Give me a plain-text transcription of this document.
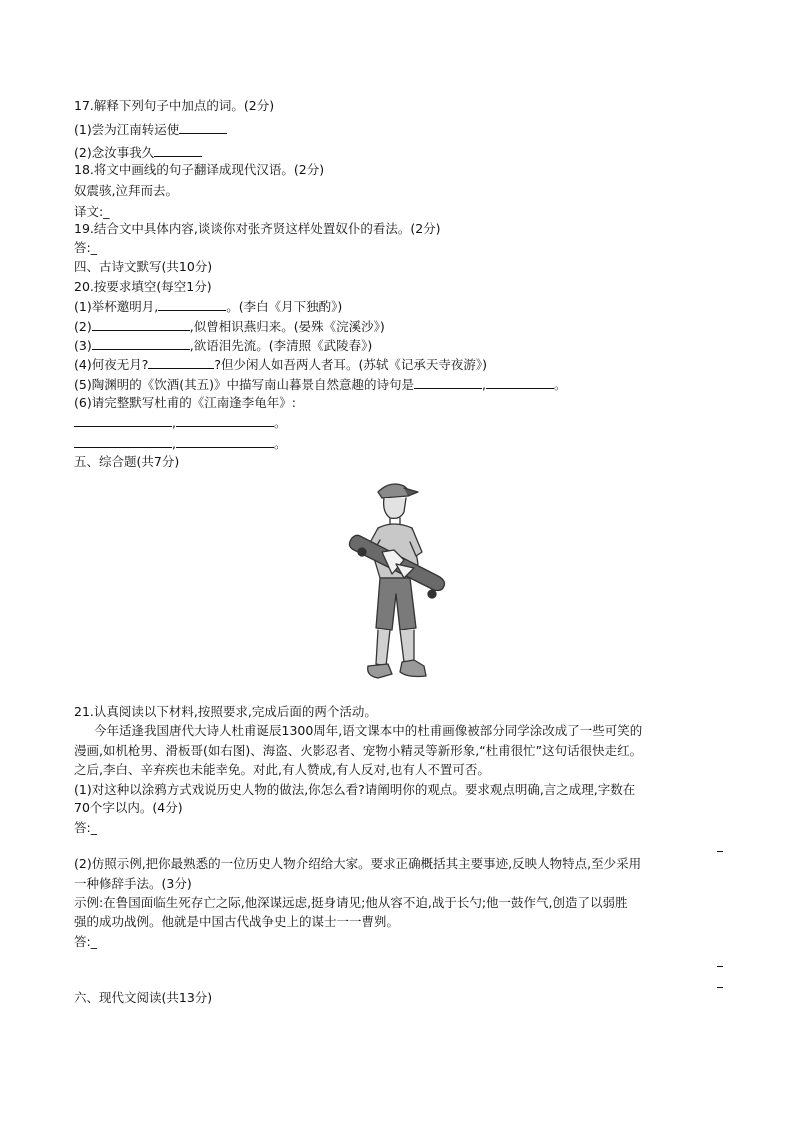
17.解释下列句子中加点的词。(2分)
(1)尝为江南转运使
(2)念汝事我久
18.将文中画线的句子翻译成现代汉语。(2分)
奴震骇,泣拜而去。
译文:_
19.结合文中具体内容,谈谈你对张齐贤这样处置奴仆的看法。(2分)
答:_
四、古诗文默写(共10分)
20.按要求填空(每空1分)
(1)举杯邀明月,	。(李白《月下独酌》)
(2)	,似曾相识燕归来。(晏殊《浣溪沙》)
(3)	,欲语泪先流。(李清照《武陵春》)
(4)何夜无月?	?但少闲人如吾两人者耳。(苏轼《记承天寺夜游》)
(5)陶渊明的《饮酒(其五)》中描写南山暮景自然意趣的诗句是	,	。
(6)请完整默写杜甫的《江南逢李龟年》:
,	。
,	。
五、综合题(共7分)
21.认真阅读以下材料,按照要求,完成后面的两个活动。
今年适逢我国唐代大诗人杜甫诞辰1300周年,语文课本中的杜甫画像被部分同学涂改成了一些可笑的
漫画,如机枪男、滑板哥(如右图)、海盗、火影忍者、宠物小精灵等新形象,“杜甫很忙”这句话很快走红。
之后,李白、辛弃疾也未能幸免。对此,有人赞成,有人反对,也有人不置可否。
(1)对这种以涂鸦方式戏说历史人物的做法,你怎么看?请阐明你的观点。要求观点明确,言之成理,字数在
70个字以内。(4分)
答:_
(2)仿照示例,把你最熟悉的一位历史人物介绍给大家。要求正确概括其主要事迹,反映人物特点,至少采用
一种修辞手法。(3分)
示例:在鲁国面临生死存亡之际,他深谋远虑,挺身请见;他从容不迫,战于长勺;他一鼓作气,创造了以弱胜
强的成功战例。他就是中国古代战争史上的谋士一一曹刿。
答:_
六、现代文阅读(共13分)
